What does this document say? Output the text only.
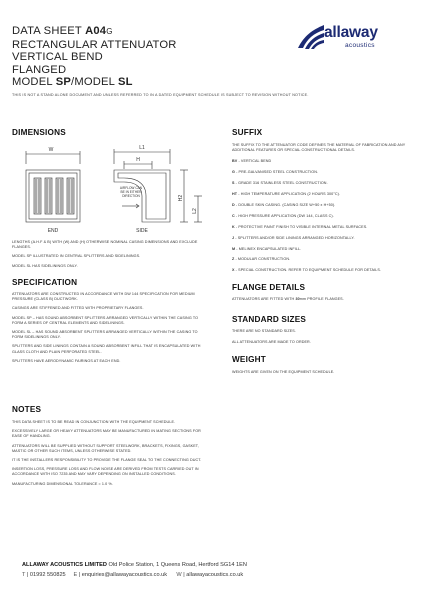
DATA SHEET A04G
RECTANGULAR ATTENUATOR
VERTICAL BEND
FLANGED
MODEL SP/MODEL SL
THIS IS NOT A STAND ALONE DOCUMENT AND UNLESS REFERRED TO IN A DATED EQUIPMENT SCHEDULE IS SUBJECT TO REVISION WITHOUT NOTICE.
allaway
acoustics
DIMENSIONS
W	L1
H
H2
L2
END	SIDE
AIRFLOW CAN BE IN EITHER DIRECTION

LENGTHS (A.H.F & B) WITH (W) AND (H) OTHERWISE NOMINAL CASING DIMENSIONS AND EXCLUDE FLANGES.

MODEL SP ILLUSTRATED IN CENTRAL SPLITTERS AND SIDELININGS.

MODEL SL HAS SIDELININGS ONLY.

SPECIFICATION

ATTENUATORS ARE CONSTRUCTED IN ACCORDANCE WITH DW 144 SPECIFICATION FOR MEDIUM PRESSURE (CLASS B) DUCTWORK.

CASINGS ARE STIFFENED AND FITTED WITH PROPRIETARY FLANGES.

MODEL SP – HAS SOUND ABSORBENT SPLITTERS ARRANGED VERTICALLY WITHIN THE CASING TO FORM A SERIES OF CENTRAL ELEMENTS AND SIDELININGS.

MODEL SL – HAS SOUND ABSORBENT SPLITTERS ARRANGED VERTICALLY WITHIN THE CASING TO FORM SIDELININGS ONLY.

SPLITTERS AND SIDE LININGS CONTAIN A SOUND ABSORBENT INFILL THAT IS ENCAPSULATED WITH GLASS CLOTH AND PLAIN PERFORATED STEEL.

SPLITTERS HAVE AERODYNAMIC FAIRINGS AT EACH END.

NOTES

THIS DATA SHEET IS TO BE READ IN CONJUNCTION WITH THE EQUIPMENT SCHEDULE.

EXCESSIVELY LARGE OR HEAVY ATTENUATORS MAY BE MANUFACTURED IN MATING SECTIONS FOR EASE OF HANDLING.

ATTENUATORS WILL BE SUPPLIED WITHOUT SUPPORT STEELWORK, BRACKETS, FIXINGS, GASKET, MASTIC OR OTHER SUCH ITEMS, UNLESS OTHERWISE STATED.

IT IS THE INSTALLERS RESPONSIBILITY TO PROVIDE THE FLANGE SEAL TO THE CONNECTING DUCT.

INSERTION LOSS, PRESSURE LOSS AND FLOW NOISE ARE DERIVED FROM TESTS CARRIED OUT IN ACCORDANCE WITH ISO 7235 AND MAY VARY DEPENDING ON INSTALLED CONDITIONS.

MANUFACTURING DIMENSIONAL TOLERANCE = 1.0 %.

SUFFIX

THE SUFFIX TO THE ATTENUATOR CODE DEFINES THE MATERIAL OF FABRICATION AND ANY ADDITIONAL FEATURES OR SPECIAL CONSTRUCTIONAL DETAILS.

BV - VERTICAL BEND

G - PRE-GALVANISED STEEL CONSTRUCTION.

S - GRADE 316 STAINLESS STEEL CONSTRUCTION.

HT - HIGH TEMPERATURE APPLICATION (2 HOURS 300°C).

D - DOUBLE SKIN CASING. (CASING SIZE W+50 x H+50).

C - HIGH PRESSURE APPLICATION (DW 144, CLASS C).

K - PROTECTIVE PAINT FINISH TO VISIBLE INTERNAL METAL SURFACES.

J - SPLITTERS AND/OR SIDE LININGS ARRANGED HORIZONTALLY.

M - MELINEX ENCAPSULATED INFILL.

Z - MODULAR CONSTRUCTION.

X - SPECIAL CONSTRUCTION. REFER TO EQUIPMENT SCHEDULE FOR DETAILS.

FLANGE DETAILS

ATTENUATORS ARE FITTED WITH 30mm PROFILE FLANGES.

STANDARD SIZES

THERE ARE NO STANDARD SIZES.

ALL ATTENUATORS ARE MADE TO ORDER.

WEIGHT

WEIGHTS ARE GIVEN ON THE EQUIPMENT SCHEDULE.

ALLAWAY ACOUSTICS LIMITED Old Police Station, 1 Queens Road, Hertford SG14 1EN
T | 01992 550825 E | enquiries@allawayacoustics.co.uk W | allawayacoustics.co.uk
